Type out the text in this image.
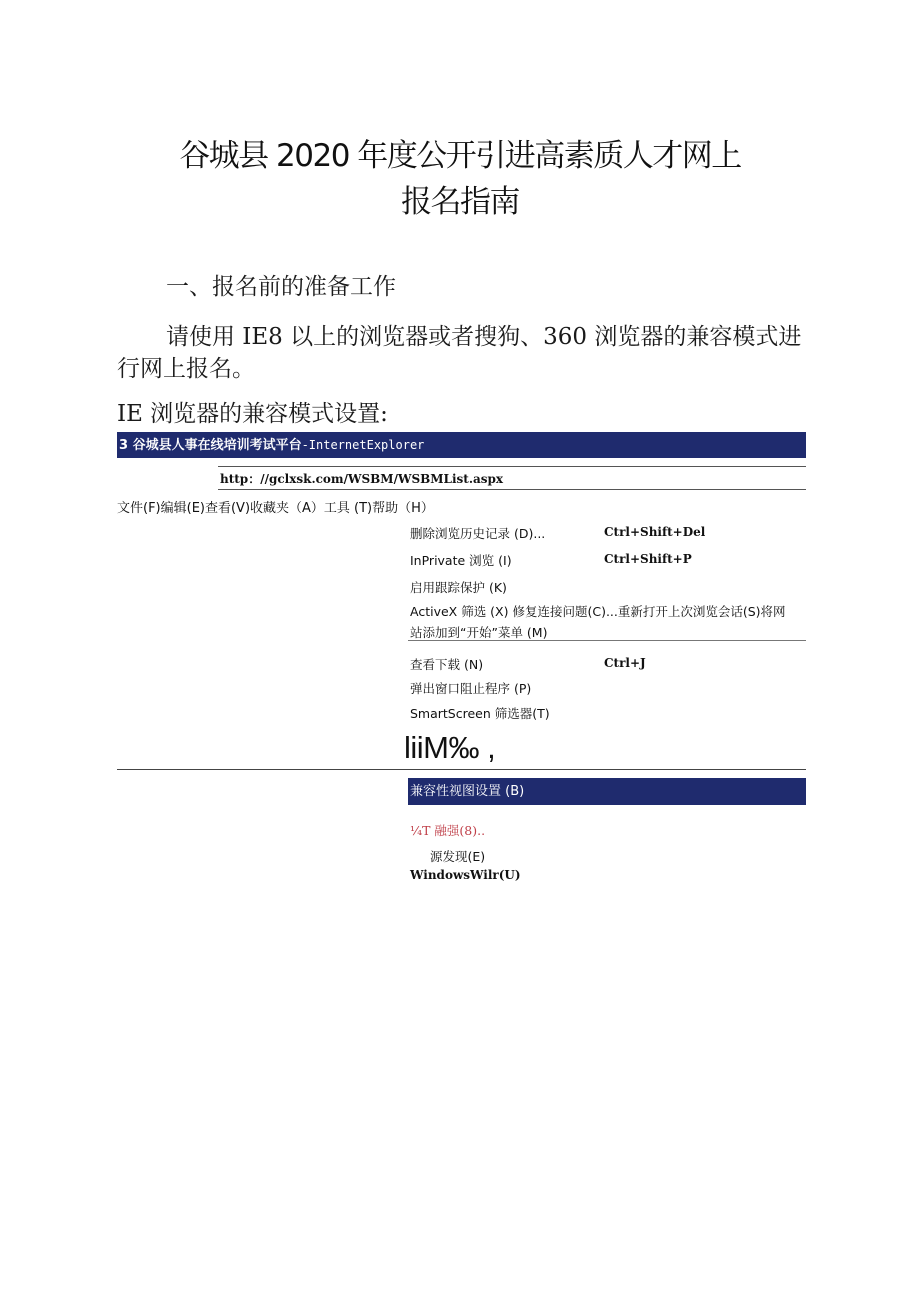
谷城县 2020 年度公开引进高素质人才网上
报名指南
一、报名前的准备工作
请使用 IE8 以上的浏览器或者搜狗、360 浏览器的兼容模式进
行网上报名。
IE 浏览器的兼容模式设置:
3 谷城县人事在线培训考试平台-InternetExplorer
http：//gclxsk.com/WSBM/WSBMList.aspx
文件(F)编辑(E)查看(V)收藏夹（A）工具 (T)帮助（H）
删除浏览历史记录 (D)...	Ctrl+Shift+Del
InPrivate 浏览 (I)	Ctrl+Shift+P
启用跟踪保护 (K)
ActiveX 筛选 (X) 修复连接问题(C)...重新打开上次浏览会话(S)将网
站添加到“开始”菜单 (M)
查看下载 (N)	Ctrl+J
弹出窗口阻止程序 (P)
SmartScreen 筛选器(T)
liiM‰ ,
兼容性视图设置 (B)
¼T 融强(8)..
源发现(E)
WindowsWilr(U)
